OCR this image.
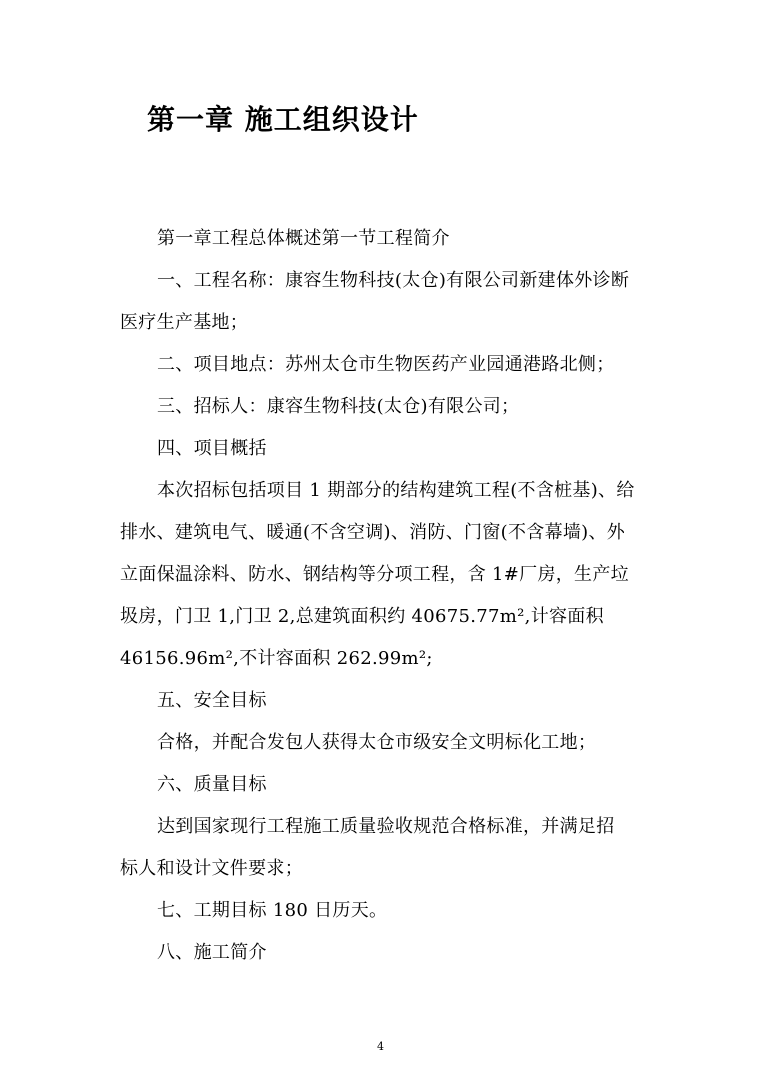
第一章 施工组织设计

第一章工程总体概述第一节工程简介

一、工程名称：康容生物科技(太仓)有限公司新建体外诊断

医疗生产基地；

二、项目地点：苏州太仓市生物医药产业园通港路北侧；

三、招标人：康容生物科技(太仓)有限公司；

四、项目概括

本次招标包括项目 1 期部分的结构建筑工程(不含桩基)、给

排水、建筑电气、暖通(不含空调)、消防、门窗(不含幕墙)、外

立面保温涂料、防水、钢结构等分项工程，含 1#厂房，生产垃

圾房，门卫 1,门卫 2,总建筑面积约 40675.77m²,计容面积

46156.96m²,不计容面积 262.99m²;

五、安全目标

合格，并配合发包人获得太仓市级安全文明标化工地；

六、质量目标

达到国家现行工程施工质量验收规范合格标准，并满足招

标人和设计文件要求；

七、工期目标 180 日历天。

八、施工简介

4
